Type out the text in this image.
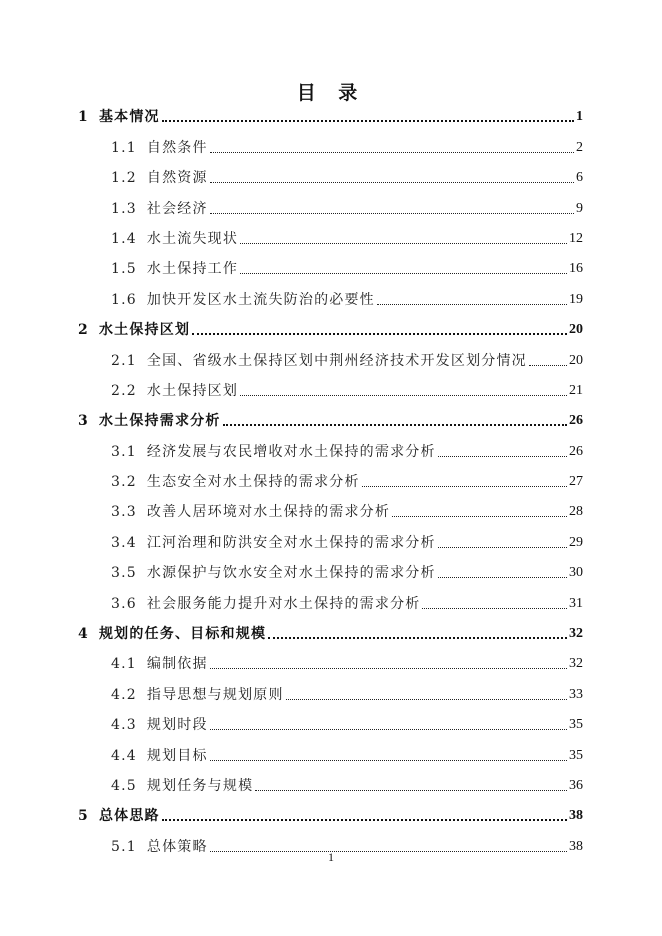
目 录
1 基本情况	1
1.1 自然条件	2
1.2 自然资源	6
1.3 社会经济	9
1.4 水土流失现状	12
1.5 水土保持工作	16
1.6 加快开发区水土流失防治的必要性	19
2 水土保持区划	20
2.1 全国、省级水土保持区划中荆州经济技术开发区划分情况	20
2.2 水土保持区划	21
3 水土保持需求分析	26
3.1 经济发展与农民增收对水土保持的需求分析	26
3.2 生态安全对水土保持的需求分析	27
3.3 改善人居环境对水土保持的需求分析	28
3.4 江河治理和防洪安全对水土保持的需求分析	29
3.5 水源保护与饮水安全对水土保持的需求分析	30
3.6 社会服务能力提升对水土保持的需求分析	31
4 规划的任务、目标和规模	32
4.1 编制依据	32
4.2 指导思想与规划原则	33
4.3 规划时段	35
4.4 规划目标	35
4.5 规划任务与规模	36
5 总体思路	38
5.1 总体策略	38
1
